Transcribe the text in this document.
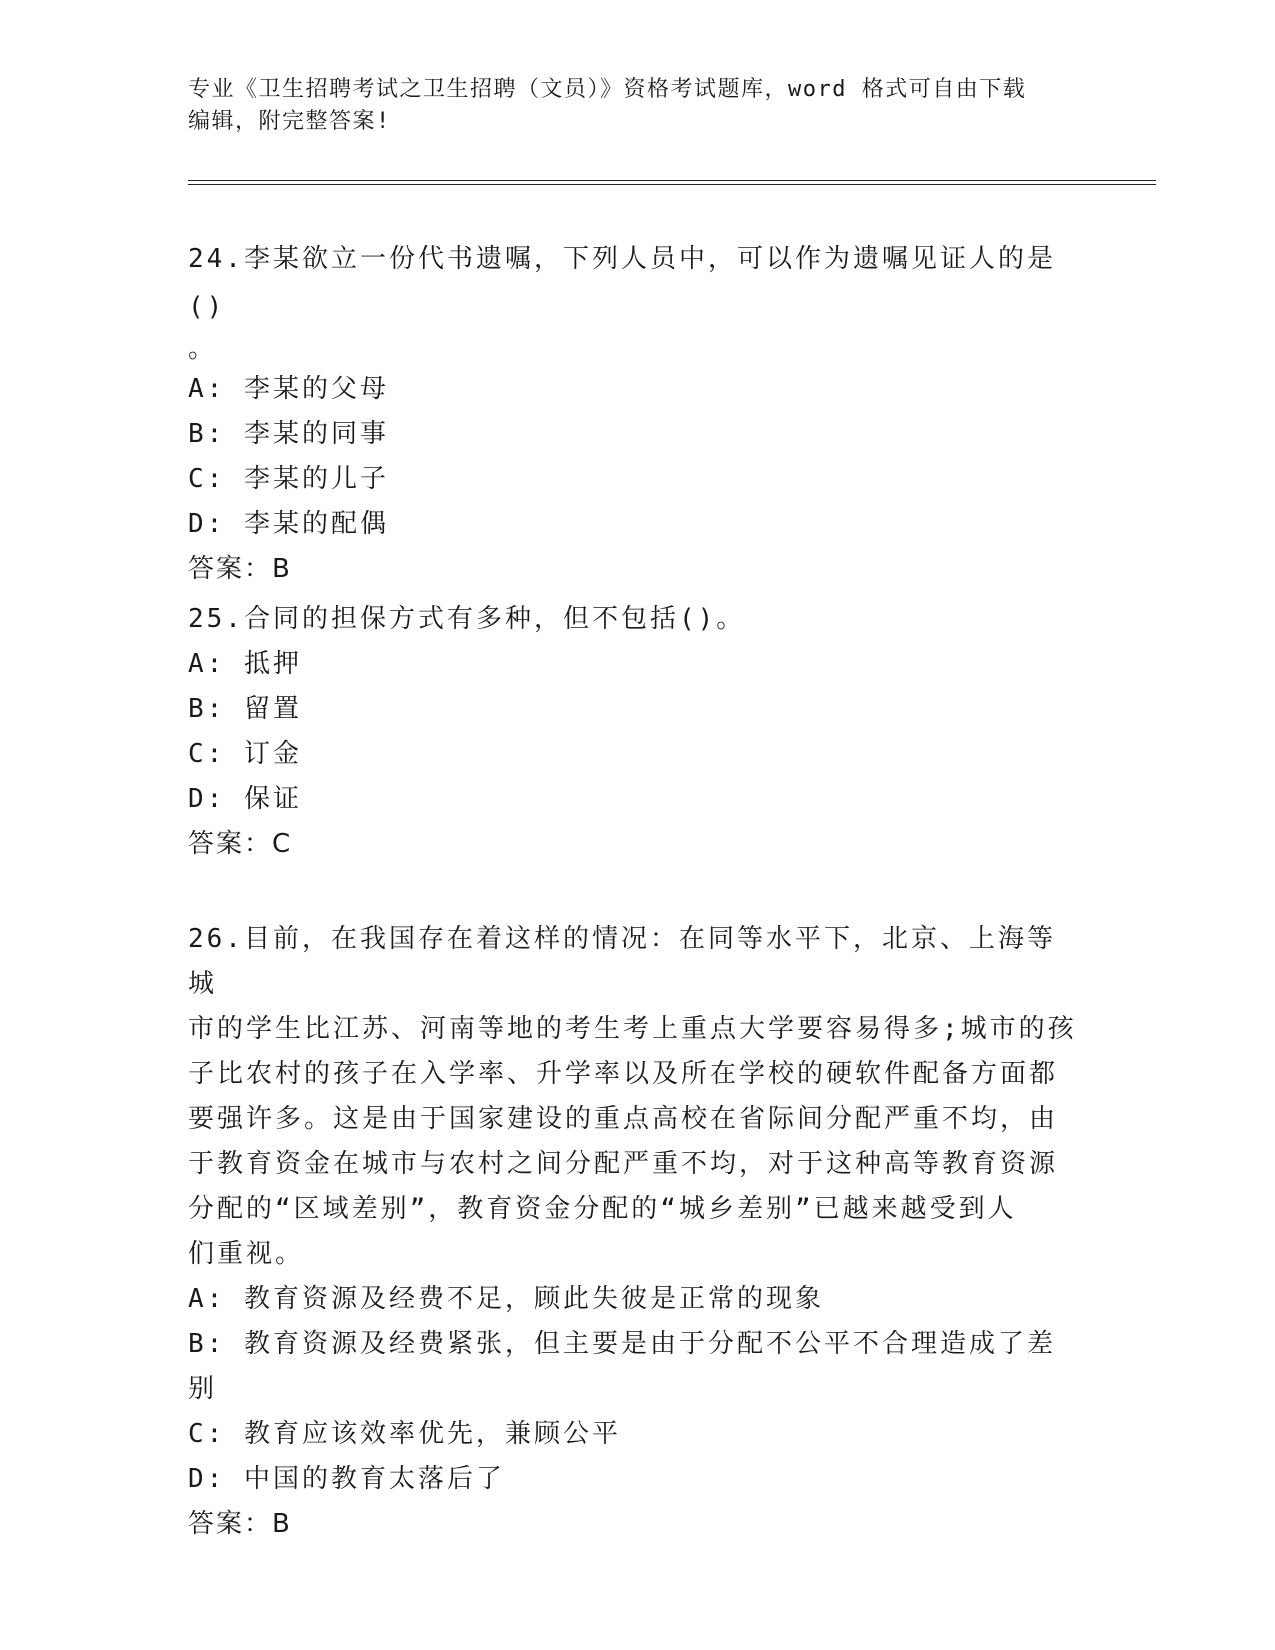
专业《卫生招聘考试之卫生招聘（文员）》资格考试题库，word 格式可自由下载
编辑，附完整答案!

24.李某欲立一份代书遗嘱，下列人员中，可以作为遗嘱见证人的是()

。

A: 李某的父母

B: 李某的同事

C: 李某的儿子

D: 李某的配偶

答案：B

25.合同的担保方式有多种，但不包括()。

A: 抵押

B: 留置

C: 订金

D: 保证

答案：C

26.目前，在我国存在着这样的情况：在同等水平下，北京、上海等城

市的学生比江苏、河南等地的考生考上重点大学要容易得多;城市的孩

子比农村的孩子在入学率、升学率以及所在学校的硬软件配备方面都

要强许多。这是由于国家建设的重点高校在省际间分配严重不均，由

于教育资金在城市与农村之间分配严重不均，对于这种高等教育资源

分配的“区域差别”，教育资金分配的“城乡差别”已越来越受到人

们重视。

A: 教育资源及经费不足，顾此失彼是正常的现象

B: 教育资源及经费紧张，但主要是由于分配不公平不合理造成了差别

C: 教育应该效率优先，兼顾公平

D: 中国的教育太落后了

答案：B
